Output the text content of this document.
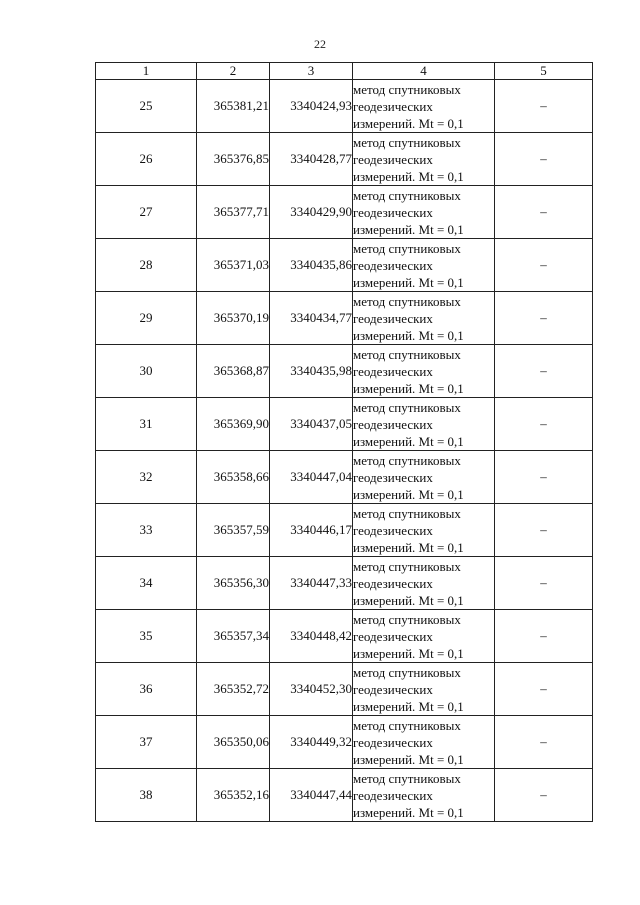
22
1	2	3	4	5
25	365381,21	3340424,93	метод спутниковых
геодезических
измерений. Mt = 0,1	–
26	365376,85	3340428,77	метод спутниковых
геодезических
измерений. Mt = 0,1	–
27	365377,71	3340429,90	метод спутниковых
геодезических
измерений. Mt = 0,1	–
28	365371,03	3340435,86	метод спутниковых
геодезических
измерений. Mt = 0,1	–
29	365370,19	3340434,77	метод спутниковых
геодезических
измерений. Mt = 0,1	–
30	365368,87	3340435,98	метод спутниковых
геодезических
измерений. Mt = 0,1	–
31	365369,90	3340437,05	метод спутниковых
геодезических
измерений. Mt = 0,1	–
32	365358,66	3340447,04	метод спутниковых
геодезических
измерений. Mt = 0,1	–
33	365357,59	3340446,17	метод спутниковых
геодезических
измерений. Mt = 0,1	–
34	365356,30	3340447,33	метод спутниковых
геодезических
измерений. Mt = 0,1	–
35	365357,34	3340448,42	метод спутниковых
геодезических
измерений. Mt = 0,1	–
36	365352,72	3340452,30	метод спутниковых
геодезических
измерений. Mt = 0,1	–
37	365350,06	3340449,32	метод спутниковых
геодезических
измерений. Mt = 0,1	–
38	365352,16	3340447,44	метод спутниковых
геодезических
измерений. Mt = 0,1	–
